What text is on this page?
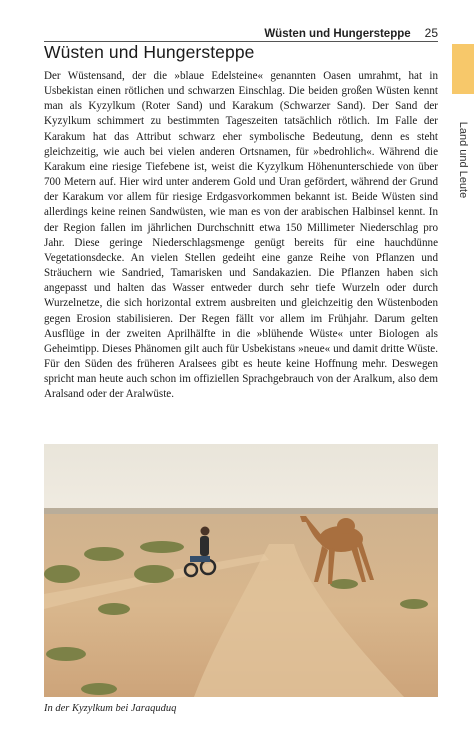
Wüsten und Hungersteppe 25
Land und Leute
Wüsten und Hungersteppe

Der Wüstensand, der die »blaue Edelsteine« genannten Oasen umrahmt, hat in Usbekistan einen rötlichen und schwarzen Einschlag. Die beiden großen Wüsten kennt man als Kyzylkum (Roter Sand) und Karakum (Schwarzer Sand). Der Sand der Kyzylkum schimmert zu bestimmten Tageszeiten tatsächlich rötlich. Im Falle der Karakum hat das Attribut schwarz eher symbolische Bedeutung, denn es steht gleichzeitig, wie auch bei vielen anderen Ortsnamen, für »bedrohlich«. Während die Karakum eine riesige Tiefebene ist, weist die Kyzylkum Höhenunterschiede von über 700 Metern auf. Hier wird unter anderem Gold und Uran gefördert, während der Grund der Karakum vor allem für riesige Erdgasvorkommen bekannt ist. Beide Wüsten sind allerdings keine reinen Sandwüsten, wie man es von der arabischen Halbinsel kennt. In der Region fallen im jährlichen Durchschnitt etwa 150 Millimeter Niederschlag pro Jahr. Diese geringe Niederschlagsmenge genügt bereits für eine hauchdünne Vegetationsdecke. An vielen Stellen gedeiht eine ganze Reihe von Pflanzen und Sträuchern wie Sandried, Tamarisken und Sandakazien. Die Pflanzen haben sich angepasst und halten das Wasser entweder durch sehr tiefe Wurzeln oder durch Wurzelnetze, die sich horizontal extrem ausbreiten und gleichzeitig den Wüstenboden gegen Erosion stabilisieren. Der Regen fällt vor allem im Frühjahr. Darum gelten Ausflüge in der zweiten Aprilhälfte in die »blühende Wüste« unter Biologen als Geheimtipp. Dieses Phänomen gilt auch für Usbekistans »neue« und damit dritte Wüste. Für den Süden des früheren Aralsees gibt es heute keine Hoffnung mehr. Deswegen spricht man heute auch schon im offiziellen Sprachgebrauch von der Aralkum, also dem Aralsand oder der Aralwüste.

In der Kyzylkum bei Jaraquduq
